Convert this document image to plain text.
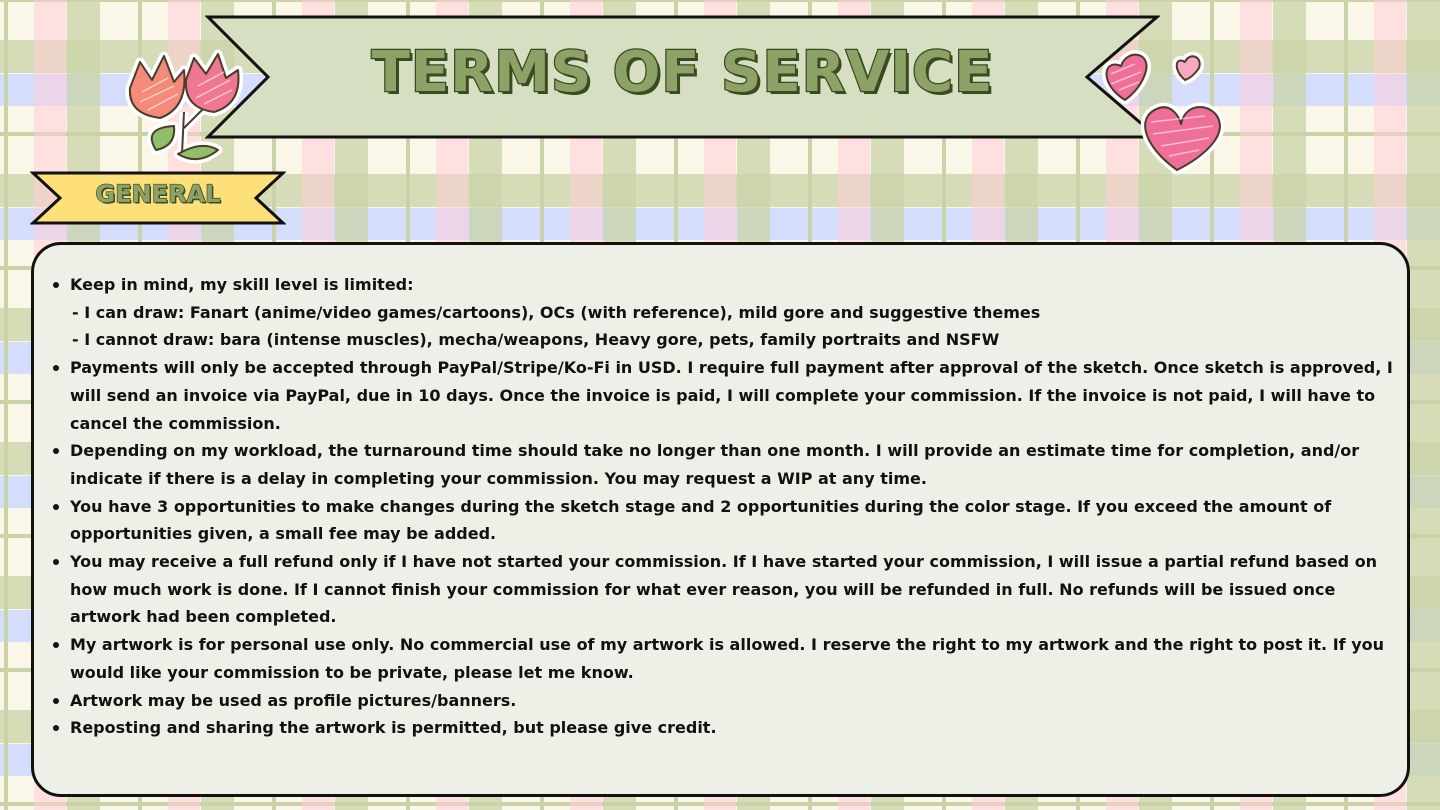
TERMS OF SERVICE
GENERAL
Keep in mind, my skill level is limited:
- I can draw: Fanart (anime/video games/cartoons), OCs (with reference), mild gore and suggestive themes
- I cannot draw: bara (intense muscles), mecha/weapons, Heavy gore, pets, family portraits and NSFW
Payments will only be accepted through PayPal/Stripe/Ko-Fi in USD. I require full payment after approval of the sketch. Once sketch is approved, I will send an invoice via PayPal, due in 10 days. Once the invoice is paid, I will complete your commission. If the invoice is not paid, I will have to cancel the commission.
Depending on my workload, the turnaround time should take no longer than one month. I will provide an estimate time for completion, and/or indicate if there is a delay in completing your commission. You may request a WIP at any time.
You have 3 opportunities to make changes during the sketch stage and 2 opportunities during the color stage. If you exceed the amount of opportunities given, a small fee may be added.
You may receive a full refund only if I have not started your commission. If I have started your commission, I will issue a partial refund based on how much work is done. If I cannot finish your commission for what ever reason, you will be refunded in full. No refunds will be issued once artwork had been completed.
My artwork is for personal use only. No commercial use of my artwork is allowed. I reserve the right to my artwork and the right to post it. If you would like your commission to be private, please let me know.
Artwork may be used as profile pictures/banners.
Reposting and sharing the artwork is permitted, but please give credit.
